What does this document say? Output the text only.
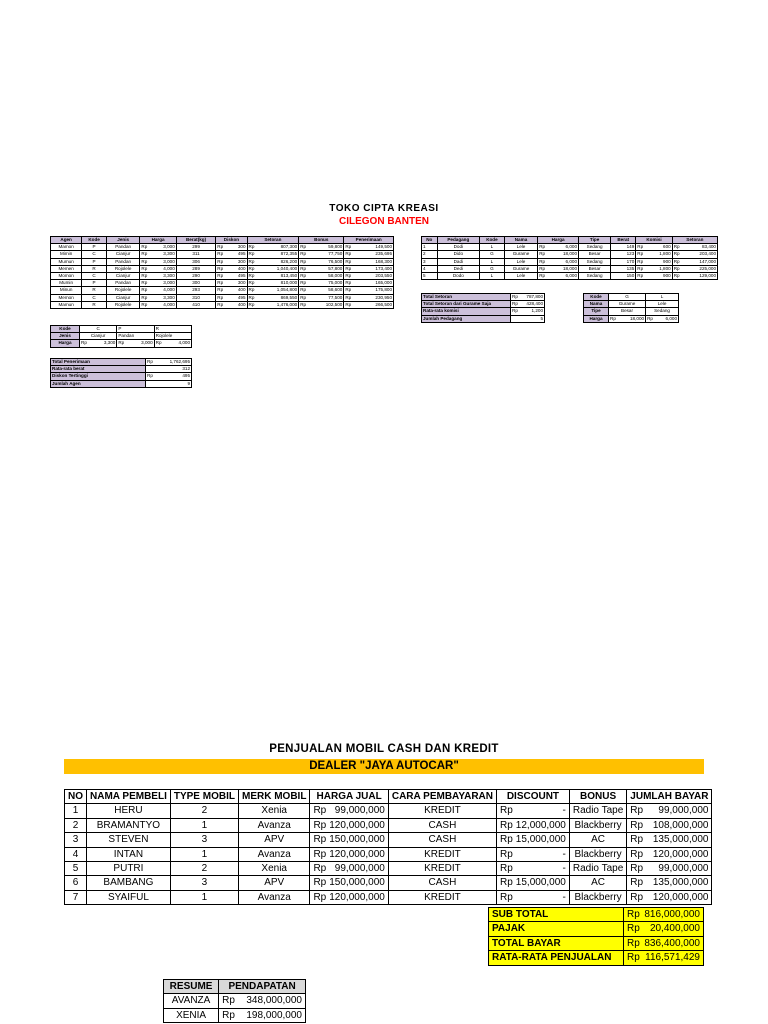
TOKO CIPTA KREASI
CILEGON BANTEN
Agen	Kode	Jenis	Harga		Berat(kg)	Diskon		Setoran		Bonus		Penerimaan	
Mamon	P	Pandan	Rp	3,000	299	Rp	300	Rp	807,300	Rp	59,800	Rp	149,500
Mimin	C	Cianjur	Rp	3,300	311	Rp	495	Rp	872,355	Rp	77,750	Rp	235,695
Mumun	P	Pandan	Rp	3,000	306	Rp	300	Rp	826,200	Rp	76,500	Rp	168,300
Memen	R	Rojolele	Rp	4,000	289	Rp	400	Rp	1,040,400	Rp	57,800	Rp	173,400
Momon	C	Cianjur	Rp	3,300	290	Rp	495	Rp	813,450	Rp	58,000	Rp	203,550
Mumin	P	Pandan	Rp	3,000	300	Rp	300	Rp	810,000	Rp	75,000	Rp	165,000
Minun	R	Rojolele	Rp	4,000	293	Rp	400	Rp	1,054,800	Rp	58,600	Rp	175,800
Memon	C	Cianjur	Rp	3,300	310	Rp	495	Rp	869,550	Rp	77,500	Rp	230,950
Mamun	R	Rojolele	Rp	4,000	410	Rp	400	Rp	1,476,000	Rp	102,500	Rp	266,500
Kode	C	P	R
Jenis	Cianjur	Pandan	Rojolele
Harga	Rp 3,300	Rp 3,000	Rp 4,000
Total Penerimaan	Rp	1,762,695
Rata-rata berat		312
Diskon Tertinggi	Rp	495
Jumlah Agen		9
No	Pedagang	Kode	Nama	Harga		Tipe	Berat	Komisi		Setoran	
1	Dodi	L	Lele	Rp	6,000	Sedang	149	Rp	600	Rp	83,400
2	Dido	G	Gurame	Rp	18,000	Besar	123	Rp	1,800	Rp	203,400
3	Dadi	L	Lele	Rp	6,000	Sedang	170	Rp	900	Rp	147,000
4	Dedi	G	Gurame	Rp	18,000	Besar	135	Rp	1,800	Rp	225,000
5	Dodo	L	Lele	Rp	6,000	Sedang	150	Rp	900	Rp	129,000
Total Setoran	Rp	787,800
Total Setoran dari Gurame Saja	Rp	428,400
Rata-rata komisi	Rp	1,200
Jumlah Pedagang		5
Kode	G	L
Nama	Gurame	Lele
Tipe	Besar	Sedang
Harga	Rp 18,000	Rp 6,000
PENJUALAN MOBIL CASH DAN KREDIT
DEALER "JAYA AUTOCAR"
NO	NAMA PEMBELI	TYPE MOBIL	MERK MOBIL	HARGA JUAL		CARA PEMBAYARAN	DISCOUNT		BONUS	JUMLAH BAYAR	
1	HERU	2	Xenia	Rp	99,000,000	KREDIT	Rp	-	Radio Tape	Rp	99,000,000
2	BRAMANTYO	1	Avanza	Rp	120,000,000	CASH	Rp	12,000,000	Blackberry	Rp	108,000,000
3	STEVEN	3	APV	Rp	150,000,000	CASH	Rp	15,000,000	AC	Rp	135,000,000
4	INTAN	1	Avanza	Rp	120,000,000	KREDIT	Rp	-	Blackberry	Rp	120,000,000
5	PUTRI	2	Xenia	Rp	99,000,000	KREDIT	Rp	-	Radio Tape	Rp	99,000,000
6	BAMBANG	3	APV	Rp	150,000,000	CASH	Rp	15,000,000	AC	Rp	135,000,000
7	SYAIFUL	1	Avanza	Rp	120,000,000	KREDIT	Rp	-	Blackberry	Rp	120,000,000
SUB TOTAL	Rp	816,000,000
PAJAK	Rp	20,400,000
TOTAL BAYAR	Rp	836,400,000
RATA-RATA PENJUALAN	Rp	116,571,429
RESUME	PENDAPATAN	
AVANZA	Rp	348,000,000
XENIA	Rp	198,000,000
